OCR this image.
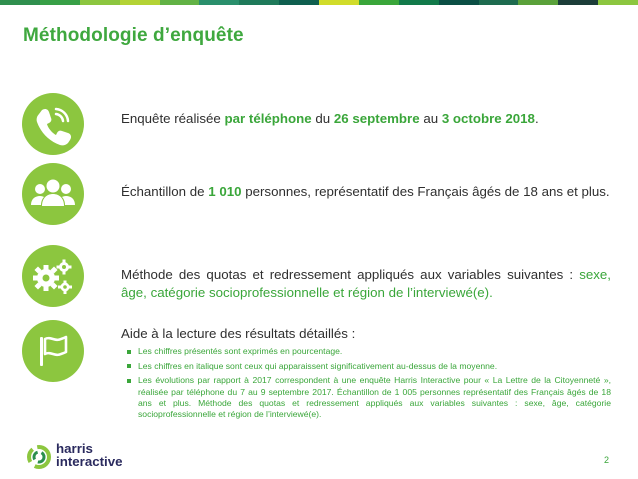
Méthodologie d’enquête
Enquête réalisée par téléphone du 26 septembre au 3 octobre 2018.
Échantillon de 1 010 personnes, représentatif des Français âgés de 18 ans et plus.
Méthode des quotas et redressement appliqués aux variables suivantes : sexe, âge, catégorie socioprofessionnelle et région de l’interviewé(e).
Aide à la lecture des résultats détaillés :
Les chiffres présentés sont exprimés en pourcentage.
Les chiffres en italique sont ceux qui apparaissent significativement au-dessus de la moyenne.
Les évolutions par rapport à 2017 correspondent à une enquête Harris Interactive pour « La Lettre de la Citoyenneté », réalisée par téléphone du 7 au 9 septembre 2017. Échantillon de 1 005 personnes représentatif des Français âgés de 18 ans et plus. Méthode des quotas et redressement appliqués aux variables suivantes : sexe, âge, catégorie socioprofessionnelle et région de l’interviewé(e).
harris
interactive	2
